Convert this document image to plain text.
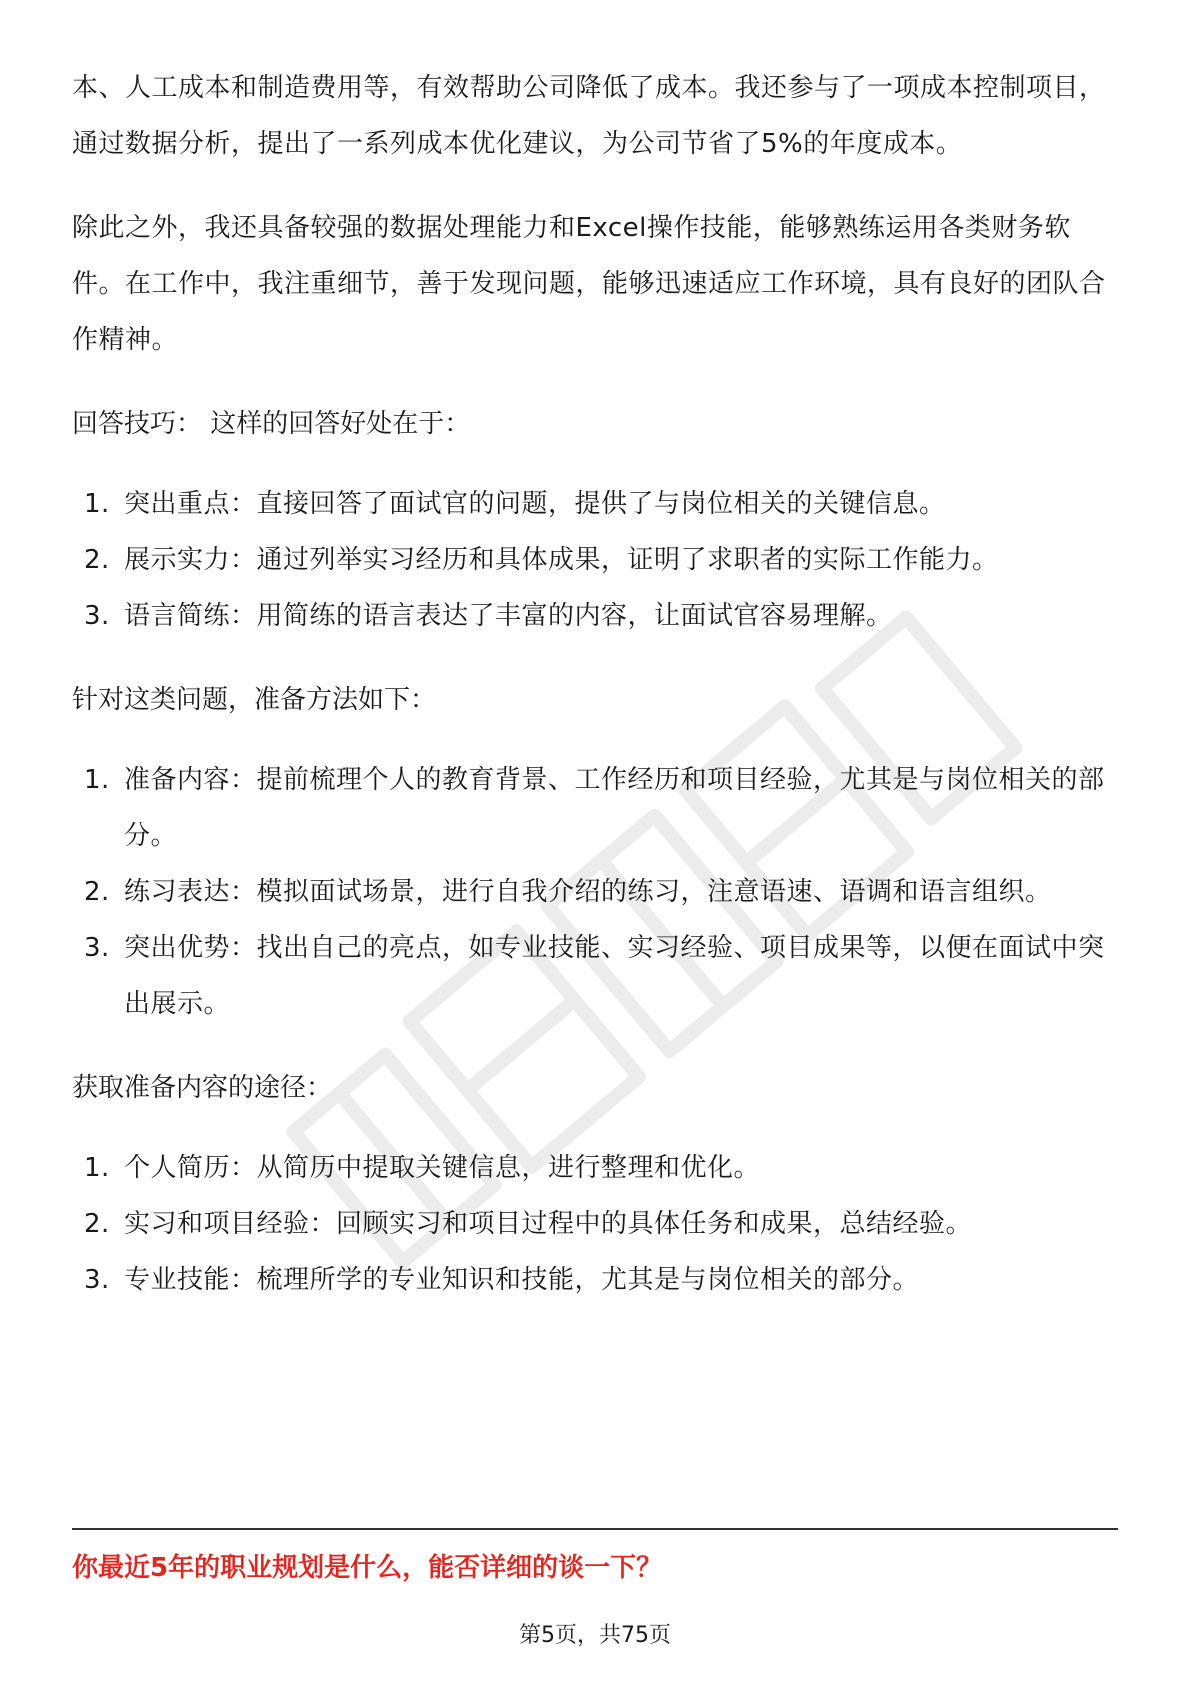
本、人工成本和制造费用等，有效帮助公司降低了成本。我还参与了一项成本控制项目，通过数据分析，提出了一系列成本优化建议，为公司节省了5%的年度成本。

除此之外，我还具备较强的数据处理能力和Excel操作技能，能够熟练运用各类财务软件。在工作中，我注重细节，善于发现问题，能够迅速适应工作环境，具有良好的团队合作精神。

回答技巧： 这样的回答好处在于：
1. 突出重点：直接回答了面试官的问题，提供了与岗位相关的关键信息。
2. 展示实力：通过列举实习经历和具体成果，证明了求职者的实际工作能力。
3. 语言简练：用简练的语言表达了丰富的内容，让面试官容易理解。
针对这类问题，准备方法如下：
1. 准备内容：提前梳理个人的教育背景、工作经历和项目经验，尤其是与岗位相关的部分。
2. 练习表达：模拟面试场景，进行自我介绍的练习，注意语速、语调和语言组织。
3. 突出优势：找出自己的亮点，如专业技能、实习经验、项目成果等，以便在面试中突出展示。
获取准备内容的途径：
1. 个人简历：从简历中提取关键信息，进行整理和优化。
2. 实习和项目经验：回顾实习和项目过程中的具体任务和成果，总结经验。
3. 专业技能：梳理所学的专业知识和技能，尤其是与岗位相关的部分。
你最近5年的职业规划是什么，能否详细的谈一下？
第5页，共75页
